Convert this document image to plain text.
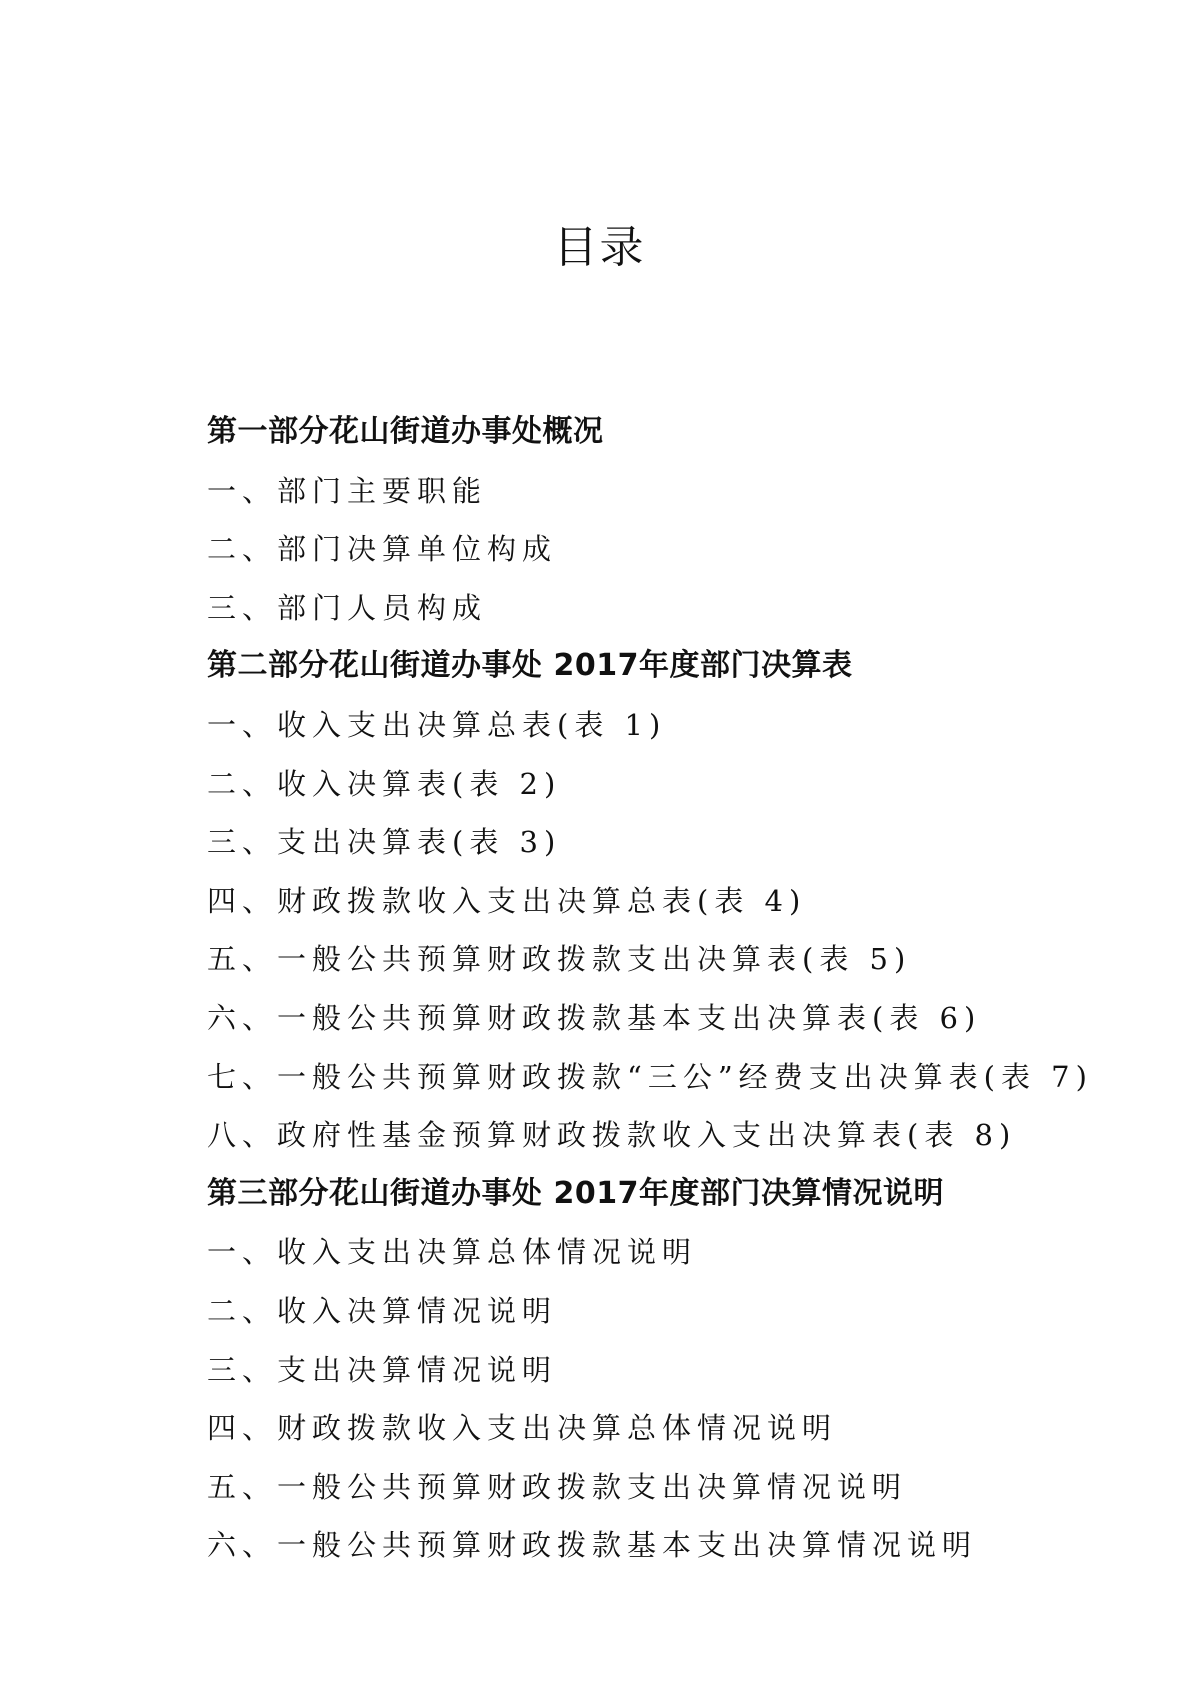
目录
第一部分花山街道办事处概况
一、部门主要职能
二、部门决算单位构成
三、部门人员构成
第二部分花山街道办事处 2017年度部门决算表
一、收入支出决算总表(表 1)
二、收入决算表(表 2)
三、支出决算表(表 3)
四、财政拨款收入支出决算总表(表 4)
五、一般公共预算财政拨款支出决算表(表 5)
六、一般公共预算财政拨款基本支出决算表(表 6)
七、一般公共预算财政拨款“三公”经费支出决算表(表 7)
八、政府性基金预算财政拨款收入支出决算表(表 8)
第三部分花山街道办事处 2017年度部门决算情况说明
一、收入支出决算总体情况说明
二、收入决算情况说明
三、支出决算情况说明
四、财政拨款收入支出决算总体情况说明
五、一般公共预算财政拨款支出决算情况说明
六、一般公共预算财政拨款基本支出决算情况说明
